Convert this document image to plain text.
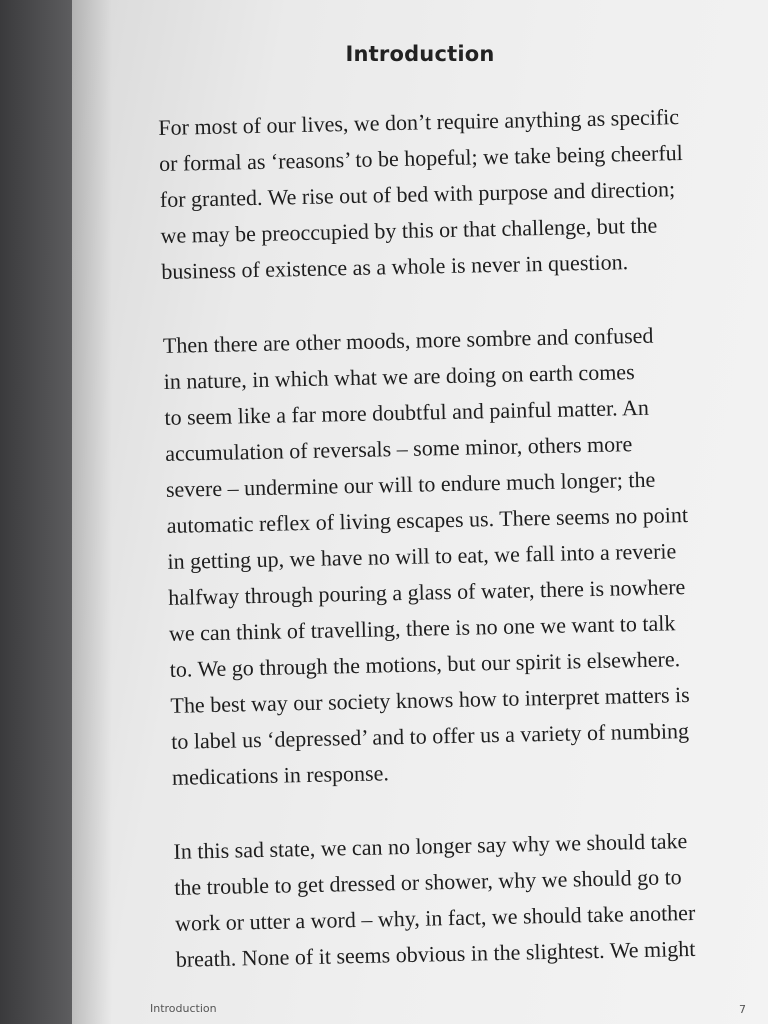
Introduction

For most of our lives, we don’t require anything as specific
or formal as ‘reasons’ to be hopeful; we take being cheerful
for granted. We rise out of bed with purpose and direction;
we may be preoccupied by this or that challenge, but the
business of existence as a whole is never in question.

Then there are other moods, more sombre and confused
in nature, in which what we are doing on earth comes
to seem like a far more doubtful and painful matter. An
accumulation of reversals – some minor, others more
severe – undermine our will to endure much longer; the
automatic reflex of living escapes us. There seems no point
in getting up, we have no will to eat, we fall into a reverie
halfway through pouring a glass of water, there is nowhere
we can think of travelling, there is no one we want to talk
to. We go through the motions, but our spirit is elsewhere.
The best way our society knows how to interpret matters is
to label us ‘depressed’ and to offer us a variety of numbing
medications in response.

In this sad state, we can no longer say why we should take
the trouble to get dressed or shower, why we should go to
work or utter a word – why, in fact, we should take another
breath. None of it seems obvious in the slightest. We might

Introduction	7
